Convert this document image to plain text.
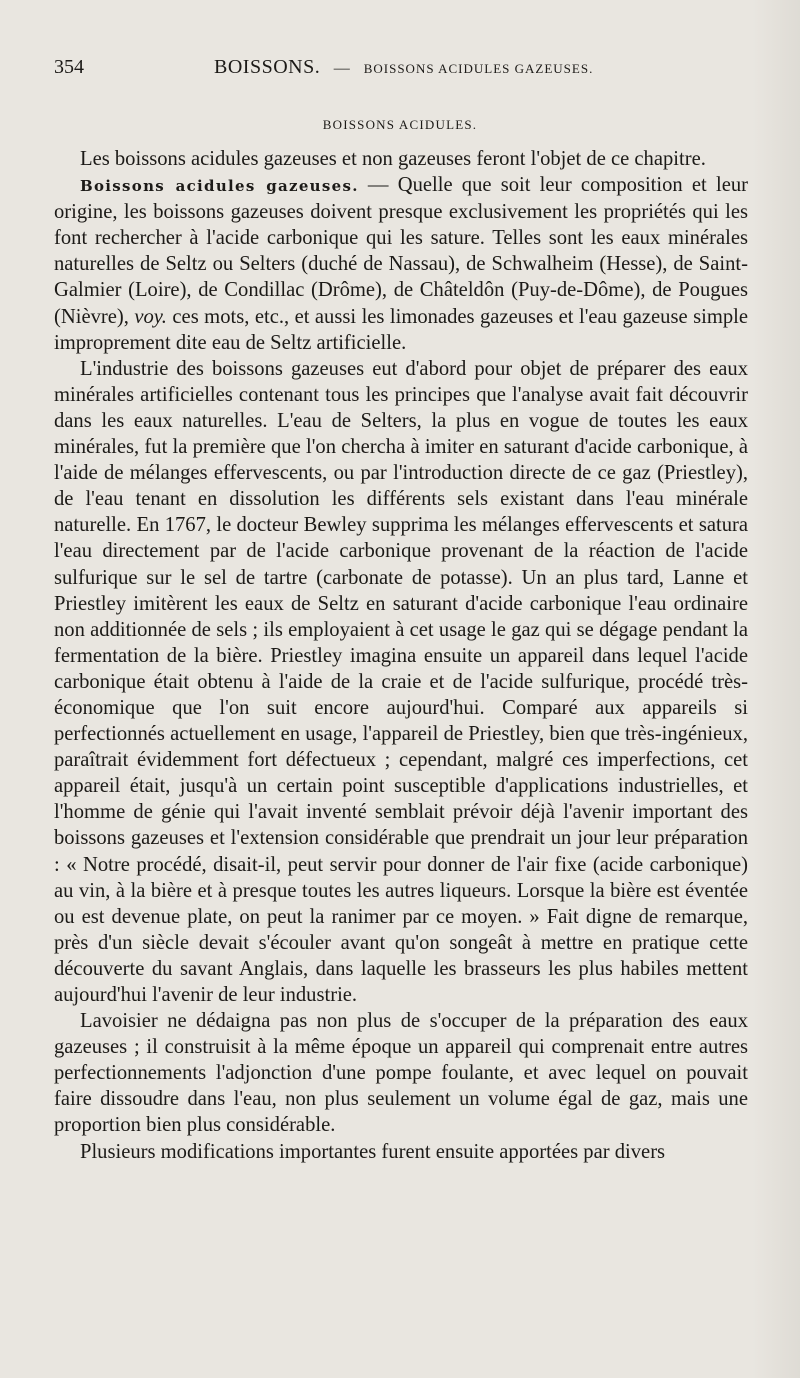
354	BOISSONS. — BOISSONS ACIDULES GAZEUSES.
BOISSONS ACIDULES.

Les boissons acidules gazeuses et non gazeuses feront l'objet de ce chapitre.

Boissons acidules gazeuses. — Quelle que soit leur composition et leur origine, les boissons gazeuses doivent presque exclusivement les propriétés qui les font rechercher à l'acide carbonique qui les sature. Telles sont les eaux minérales naturelles de Seltz ou Selters (duché de Nassau), de Schwalheim (Hesse), de Saint-Galmier (Loire), de Condillac (Drôme), de Châteldôn (Puy-de-Dôme), de Pougues (Nièvre), voy. ces mots, etc., et aussi les limonades gazeuses et l'eau gazeuse simple improprement dite eau de Seltz artificielle.

L'industrie des boissons gazeuses eut d'abord pour objet de préparer des eaux minérales artificielles contenant tous les principes que l'analyse avait fait découvrir dans les eaux naturelles. L'eau de Selters, la plus en vogue de toutes les eaux minérales, fut la première que l'on chercha à imiter en saturant d'acide carbonique, à l'aide de mélanges effervescents, ou par l'introduction directe de ce gaz (Priestley), de l'eau tenant en dissolution les différents sels existant dans l'eau minérale naturelle. En 1767, le docteur Bewley supprima les mélanges effervescents et satura l'eau directement par de l'acide carbonique provenant de la réaction de l'acide sulfurique sur le sel de tartre (carbonate de potasse). Un an plus tard, Lanne et Priestley imitèrent les eaux de Seltz en saturant d'acide carbonique l'eau ordinaire non additionnée de sels ; ils employaient à cet usage le gaz qui se dégage pendant la fermentation de la bière. Priestley imagina ensuite un appareil dans lequel l'acide carbonique était obtenu à l'aide de la craie et de l'acide sulfurique, procédé très-économique que l'on suit encore aujourd'hui. Comparé aux appareils si perfectionnés actuellement en usage, l'appareil de Priestley, bien que très-ingénieux, paraîtrait évidemment fort défectueux ; cependant, malgré ces imperfections, cet appareil était, jusqu'à un certain point susceptible d'applications industrielles, et l'homme de génie qui l'avait inventé semblait prévoir déjà l'avenir important des boissons gazeuses et l'extension considérable que prendrait un jour leur préparation : « Notre procédé, disait-il, peut servir pour donner de l'air fixe (acide carbonique) au vin, à la bière et à presque toutes les autres liqueurs. Lorsque la bière est éventée ou est devenue plate, on peut la ranimer par ce moyen. » Fait digne de remarque, près d'un siècle devait s'écouler avant qu'on songeât à mettre en pratique cette découverte du savant Anglais, dans laquelle les brasseurs les plus habiles mettent aujourd'hui l'avenir de leur industrie.

Lavoisier ne dédaigna pas non plus de s'occuper de la préparation des eaux gazeuses ; il construisit à la même époque un appareil qui comprenait entre autres perfectionnements l'adjonction d'une pompe foulante, et avec lequel on pouvait faire dissoudre dans l'eau, non plus seulement un volume égal de gaz, mais une proportion bien plus considérable.

Plusieurs modifications importantes furent ensuite apportées par divers
